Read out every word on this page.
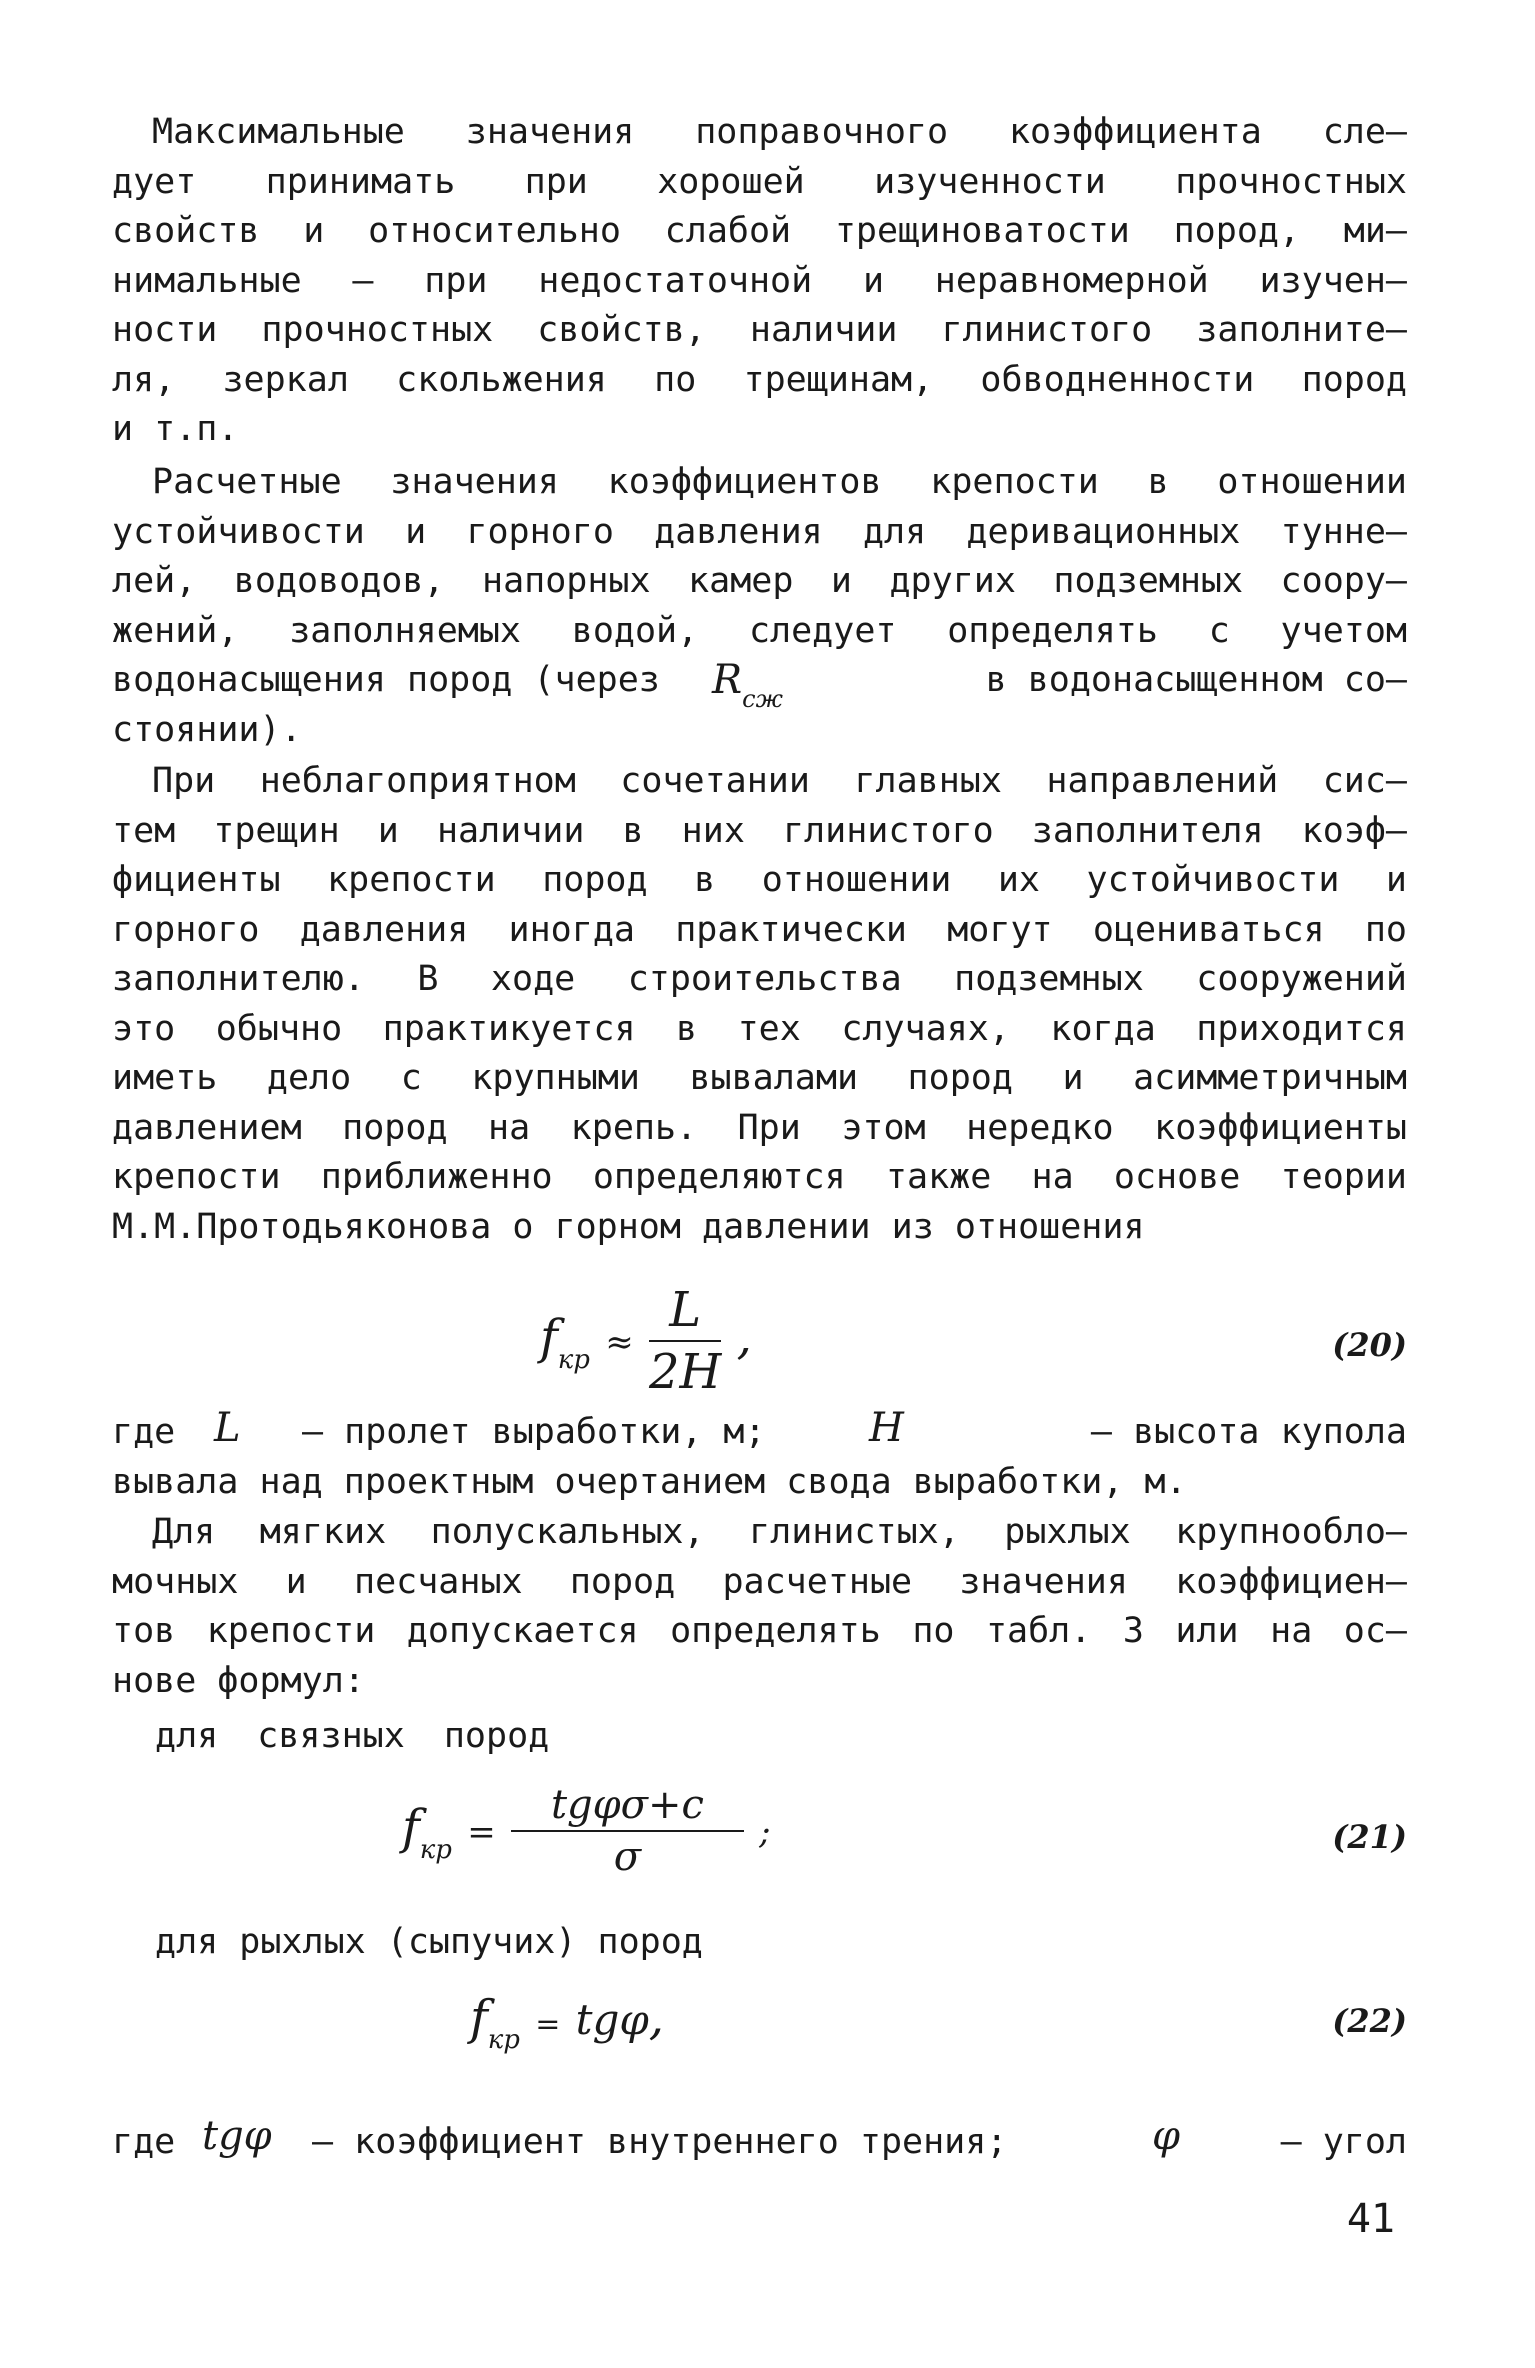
Максимальные значения поправочного коэффициента сле–
дует принимать при хорошей изученности прочностных
свойств и относительно слабой трещиноватости пород, ми–
нимальные – при недостаточной и неравномерной изучен–
ности прочностных свойств, наличии глинистого заполните–
ля, зеркал скольжения по трещинам, обводненности пород
и т.п.
Расчетные значения коэффициентов крепости в отношении
устойчивости и горного давления для деривационных тунне–
лей, водоводов, напорных камер и других подземных соору–
жений, заполняемых водой, следует определять с учетом
водонасыщения пород (через $R_{сж}$	в водонасыщенном со–
стоянии).
При неблагоприятном сочетании главных направлений сис–
тем трещин и наличии в них глинистого заполнителя коэф–
фициенты крепости пород в отношении их устойчивости и
горного давления иногда практически могут оцениваться по
заполнителю. В ходе строительства подземных сооружений
это обычно практикуется в тех случаях, когда приходится
иметь дело с крупными вывалами пород и асимметричным
давлением пород на крепь. При этом нередко коэффициенты
крепости приближенно определяются также на основе теории
М.М.Протодьяконова о горном давлении из отношения
$f_{кр} \approx \frac{L}{2H}$ ,	(20)
где L – пролет выработки, м;	H	– высота купола
вывала над проектным очертанием свода выработки, м.
Для мягких полускальных, глинистых, рыхлых крупнообло–
мочных и песчаных пород расчетные значения коэффициен–
тов крепости допускается определять по табл. 3 или на ос–
нове формул:
для связных пород
$f_{кр} = \frac{\text{tgφσ+c}}{\sigma}$ ;	(21)
для рыхлых (сыпучих) пород
$f_{кр} = tg\varphi$,	(22)
где tgφ – коэффициент внутреннего трения;	φ	– угол
41
